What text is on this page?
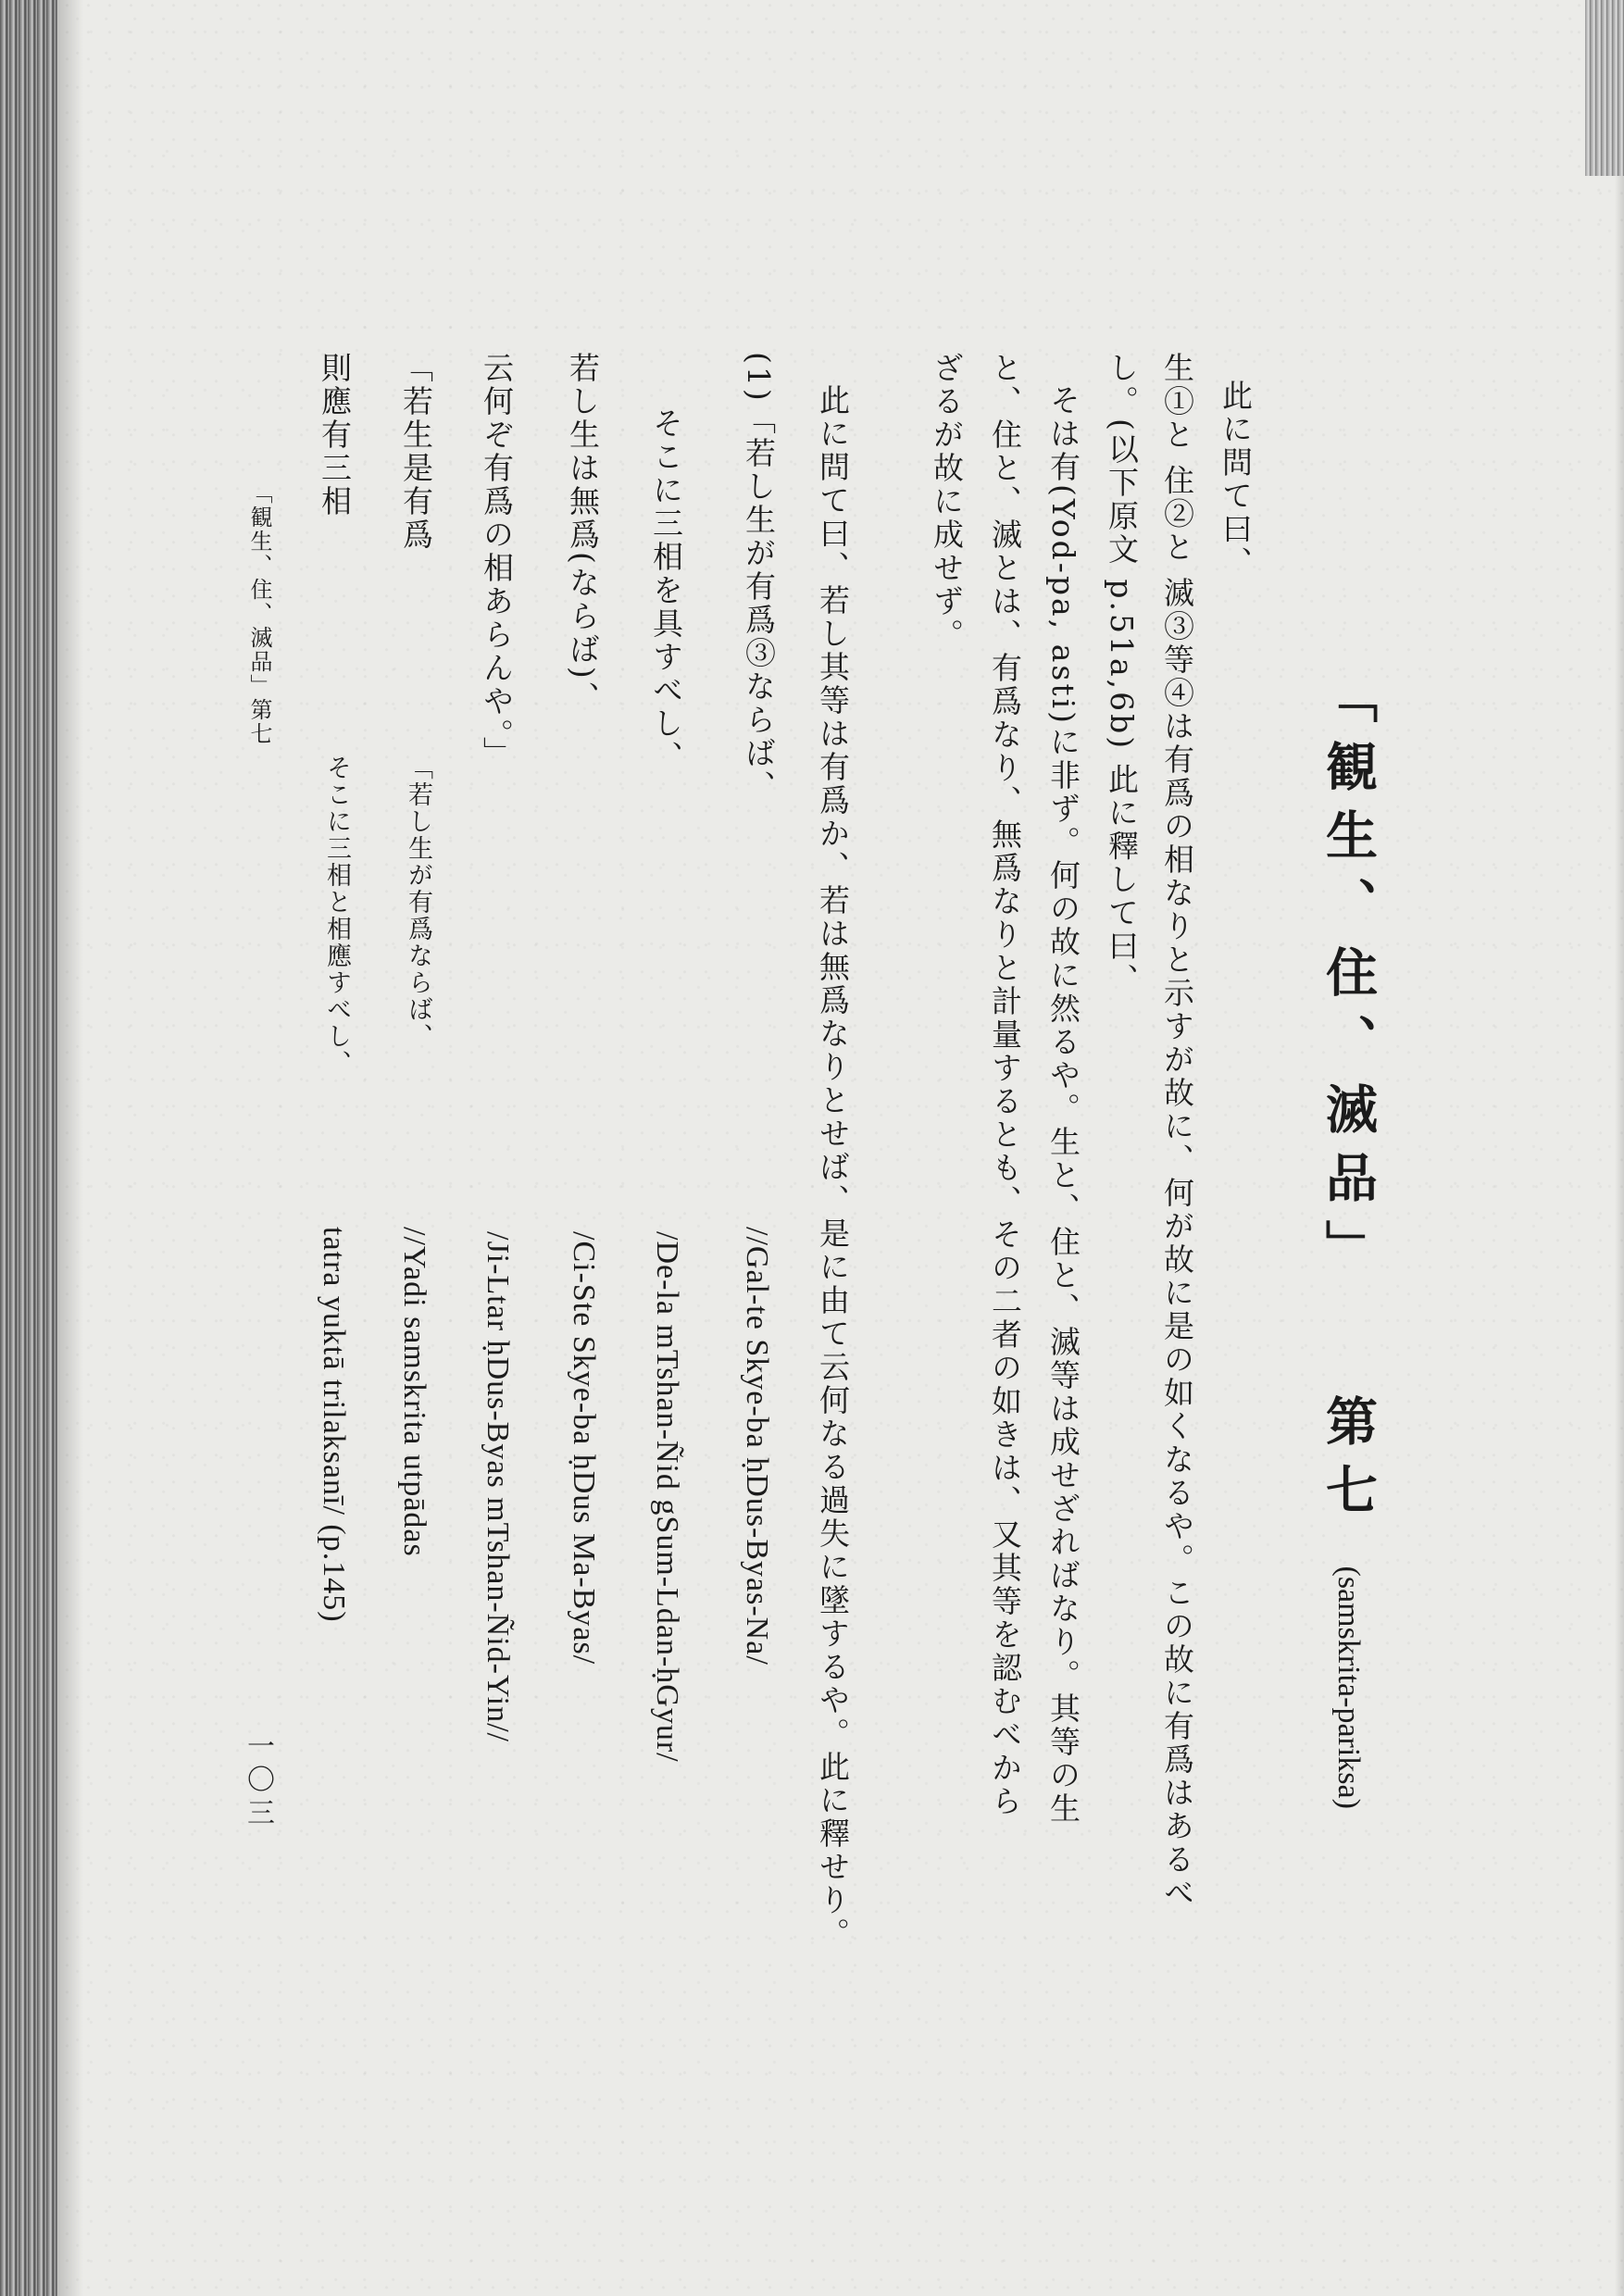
「観生、住、滅品」  第七 (samskrita-pariksa)
此に問て曰、
生①と 住②と 滅③等④は有爲の相なりと示すが故に、何が故に是の如くなるや。この故に有爲はあるべ
し。(以下原文 p.51a,6b) 此に釋して曰、
そは有(Yod-pa, asti)に非ず。何の故に然るや。生と、住と、滅等は成せざればなり。其等の生
と、住と、滅とは、有爲なり、無爲なりと計量するとも、その二者の如きは、又其等を認むべから
ざるが故に成せず。
此に問て曰、若し其等は有爲か、若は無爲なりとせば、是に由て云何なる過失に墜するや。此に釋せり。
(1)「若し生が有爲③ならば、
//Gal-te Skye-ba ḥDus-Byas-Na/
そこに三相を具すべし、
/De-la mTshan-Ñid gSum-Ldan-ḥGyur/
若し生は無爲(ならば)、
/Ci-Ste Skye-ba ḥDus Ma-Byas/
云何ぞ有爲の相あらんや。」
/Ji-Ltar ḥDus-Byas mTshan-Ñid-Yin//
「若生是有爲
「若し生が有爲ならば、
//Yadi samskrita utpādas
則應有三相
そこに三相と相應すべし、
tatra yuktā trilaksanī/ (p.145)
「観生、住、滅品」第七
一〇三
